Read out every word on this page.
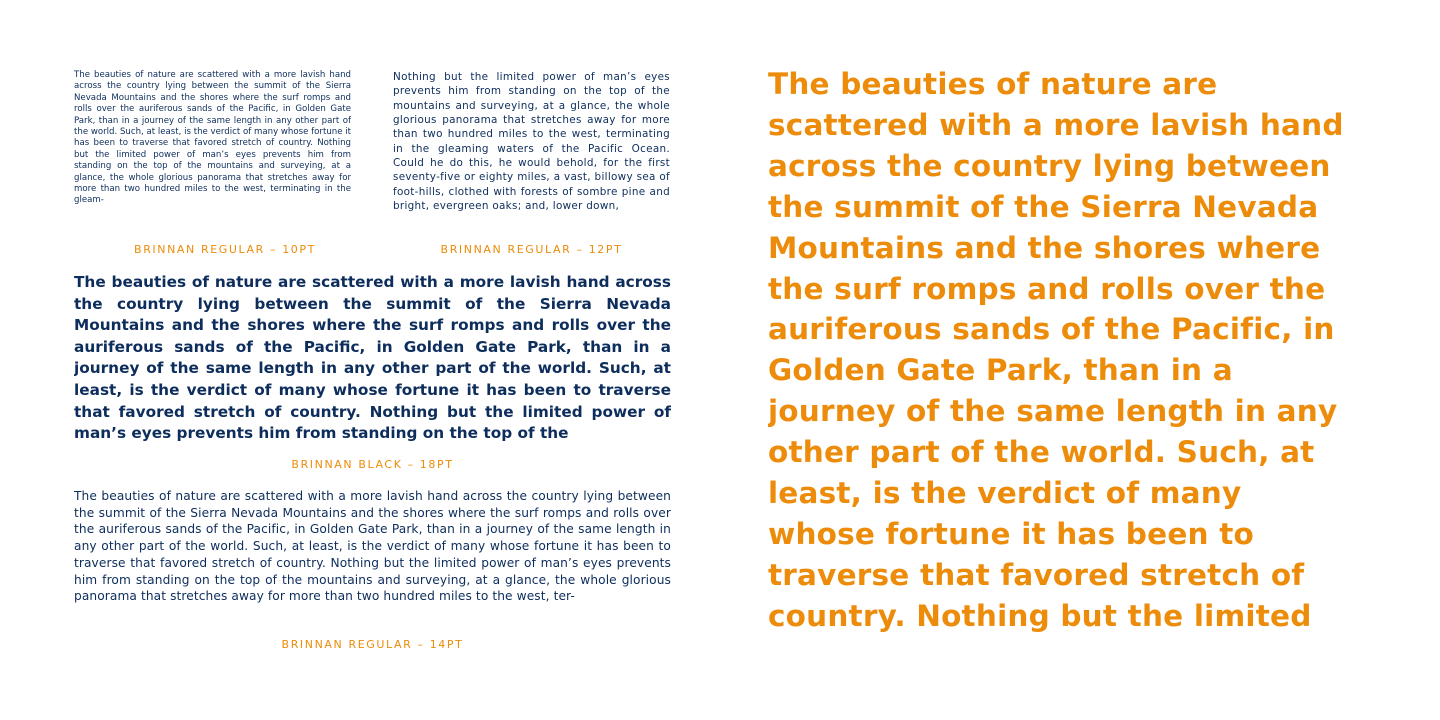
The beauties of nature are scattered with a more lavish hand across the country lying between the summit of the Sierra Nevada Mountains and the shores where the surf romps and rolls over the auriferous sands of the Pacific, in Golden Gate Park, than in a journey of the same length in any other part of the world. Such, at least, is the verdict of many whose fortune it has been to traverse that favored stretch of country. Nothing but the limited power of man’s eyes prevents him from standing on the top of the mountains and surveying, at a glance, the whole glorious panorama that stretches away for more than two hundred miles to the west, terminating in the gleam-
BRINNAN REGULAR – 10PT
Nothing but the limited power of man’s eyes prevents him from standing on the top of the mountains and surveying, at a glance, the whole glorious panorama that stretches away for more than two hundred miles to the west, terminating in the gleaming waters of the Pacific Ocean. Could he do this, he would behold, for the first seventy-five or eighty miles, a vast, billowy sea of foot-hills, clothed with forests of sombre pine and bright, evergreen oaks; and, lower down,
BRINNAN REGULAR – 12PT
The beauties of nature are scattered with a more lavish hand across the country lying between the summit of the Sierra Nevada Mountains and the shores where the surf romps and rolls over the auriferous sands of the Pacific, in Golden Gate Park, than in a journey of the same length in any other part of the world. Such, at least, is the verdict of many whose fortune it has been to traverse that favored stretch of country. Nothing but the limited power of man’s eyes prevents him from standing on the top of the
BRINNAN BLACK – 18PT
The beauties of nature are scattered with a more lavish hand across the country lying between the summit of the Sierra Nevada Mountains and the shores where the surf romps and rolls over the auriferous sands of the Pacific, in Golden Gate Park, than in a journey of the same length in any other part of the world. Such, at least, is the verdict of many whose fortune it has been to traverse that favored stretch of country. Nothing but the limited power of man’s eyes prevents him from standing on the top of the mountains and surveying, at a glance, the whole glorious panorama that stretches away for more than two hundred miles to the west, ter-
BRINNAN REGULAR – 14PT
The beauties of nature are
scattered with a more lavish hand
across the country lying between
the summit of the Sierra Nevada
Mountains and the shores where
the surf romps and rolls over the
auriferous sands of the Pacific, in
Golden Gate Park, than in a
journey of the same length in any
other part of the world. Such, at
least, is the verdict of many
whose fortune it has been to
traverse that favored stretch of
country. Nothing but the limited
